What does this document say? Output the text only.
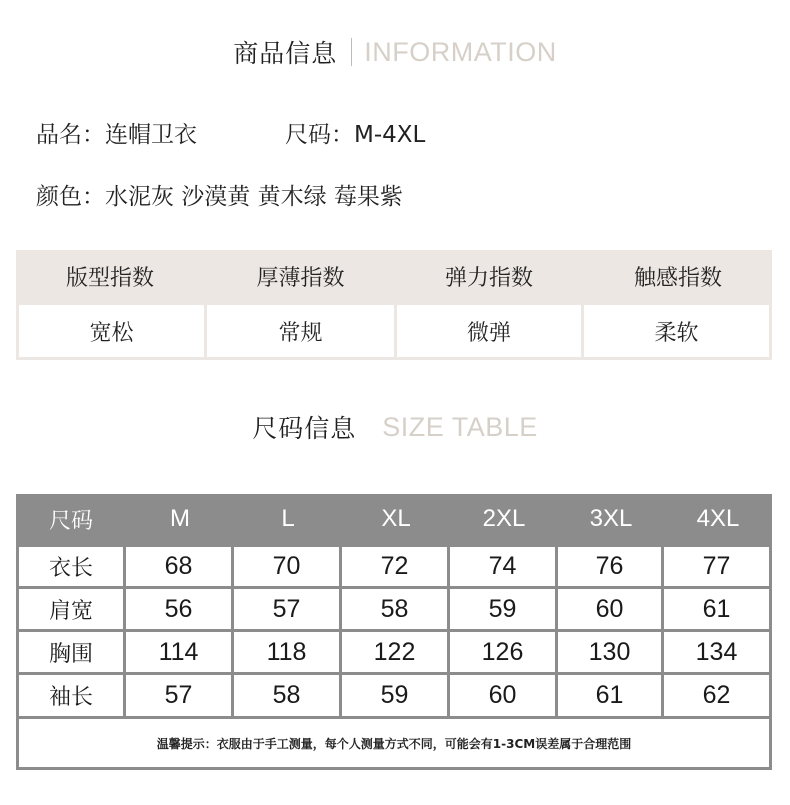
商品信息 INFORMATION
品名：连帽卫衣	尺码：M-4XL
颜色：水泥灰 沙漠黄 黄木绿 莓果紫
版型指数	厚薄指数	弹力指数	触感指数
宽松	常规	微弹	柔软
尺码信息 SIZE TABLE
尺码	M	L	XL	2XL	3XL	4XL
衣长	68	70	72	74	76	77
肩宽	56	57	58	59	60	61
胸围	114	118	122	126	130	134
袖长	57	58	59	60	61	62
温馨提示：衣服由于手工测量，每个人测量方式不同，可能会有1-3CM误差属于合理范围
